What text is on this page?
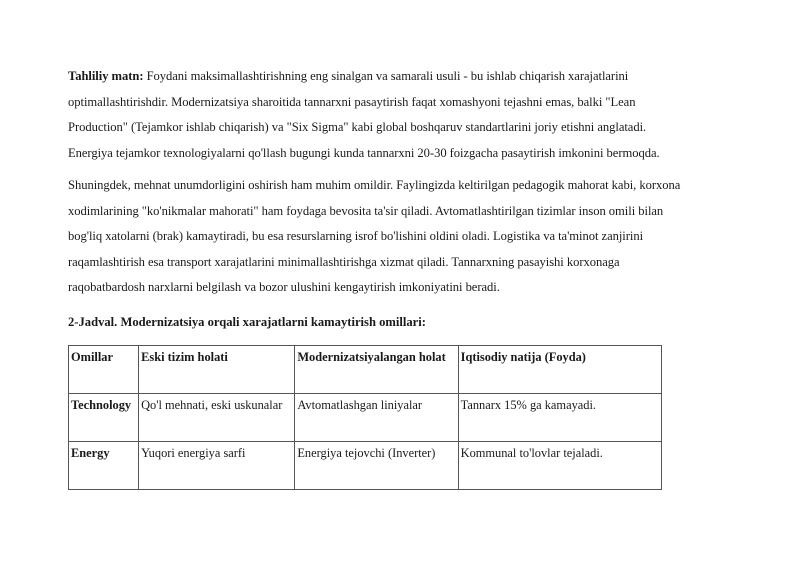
Tahliliy matn: Foydani maksimallashtirishning eng sinalgan va samarali usuli - bu ishlab chiqarish xarajatlarini
optimallashtirishdir. Modernizatsiya sharoitida tannarxni pasaytirish faqat xomashyoni tejashni emas, balki "Lean
Production" (Tejamkor ishlab chiqarish) va "Six Sigma" kabi global boshqaruv standartlarini joriy etishni anglatadi.
Energiya tejamkor texnologiyalarni qo'llash bugungi kunda tannarxni 20-30 foizgacha pasaytirish imkonini bermoqda.

Shuningdek, mehnat unumdorligini oshirish ham muhim omildir. Faylingizda keltirilgan pedagogik mahorat kabi, korxona
xodimlarining "ko'nikmalar mahorati" ham foydaga bevosita ta'sir qiladi. Avtomatlashtirilgan tizimlar inson omili bilan
bog'liq xatolarni (brak) kamaytiradi, bu esa resurslarning isrof bo'lishini oldini oladi. Logistika va ta'minot zanjirini
raqamlashtirish esa transport xarajatlarini minimallashtirishga xizmat qiladi. Tannarxning pasayishi korxonaga
raqobatbardosh narxlarni belgilash va bozor ulushini kengaytirish imkoniyatini beradi.

2-Jadval. Modernizatsiya orqali xarajatlarni kamaytirish omillari:

Omillar	Eski tizim holati	Modernizatsiyalangan holat	Iqtisodiy natija (Foyda)
Technology	Qo'l mehnati, eski uskunalar	Avtomatlashgan liniyalar	Tannarx 15% ga kamayadi.
Energy	Yuqori energiya sarfi	Energiya tejovchi (Inverter)	Kommunal to'lovlar tejaladi.
